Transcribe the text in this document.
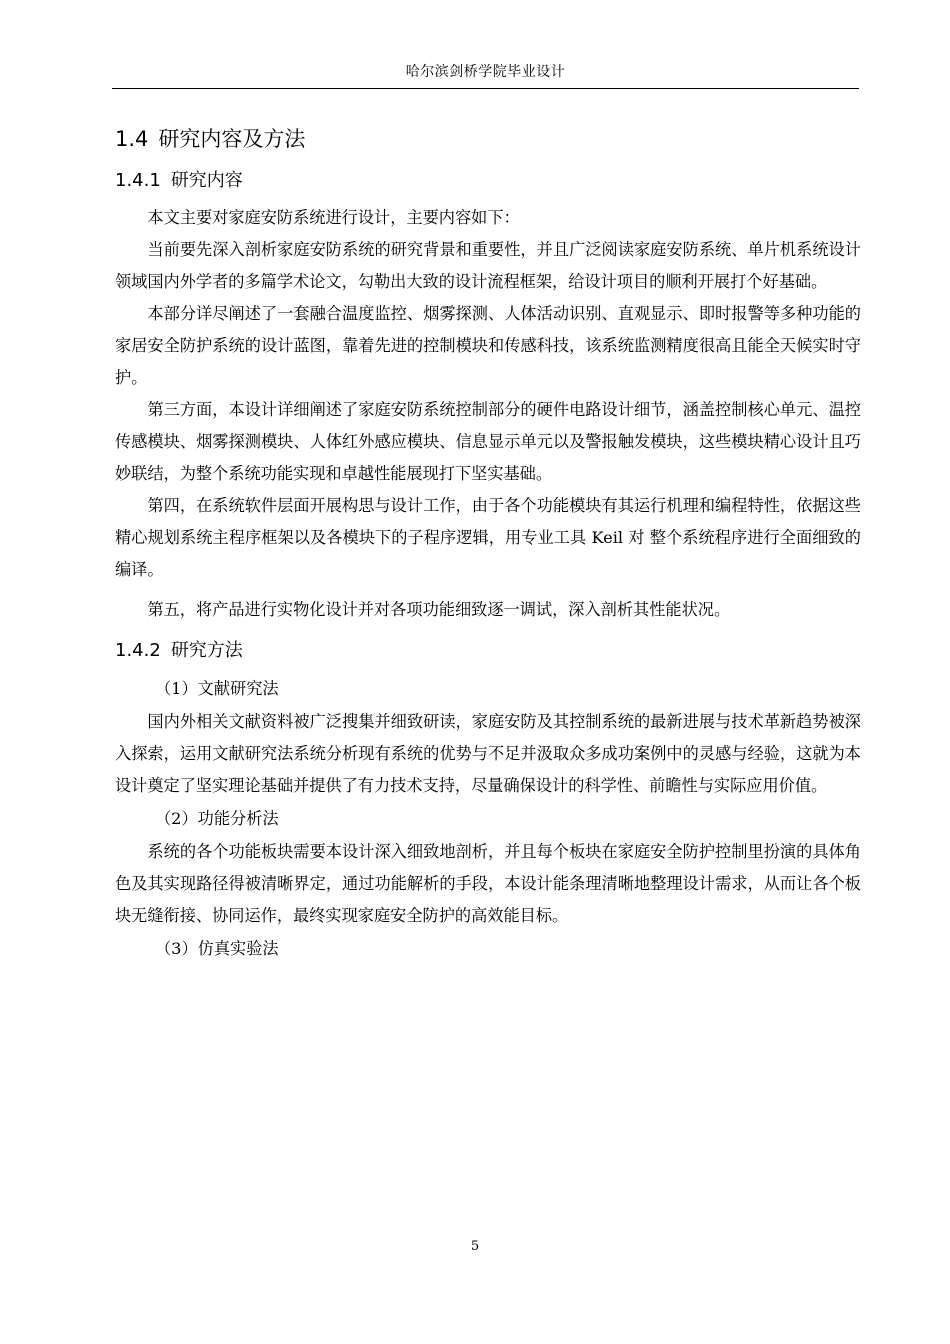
哈尔滨剑桥学院毕业设计
1.4 研究内容及方法
1.4.1 研究内容

本文主要对家庭安防系统进行设计，主要内容如下：

当前要先深入剖析家庭安防系统的研究背景和重要性，并且广泛阅读家庭安防系统、单片机系统设计领域国内外学者的多篇学术论文，勾勒出大致的设计流程框架，给设计项目的顺利开展打个好基础。

本部分详尽阐述了一套融合温度监控、烟雾探测、人体活动识别、直观显示、即时报警等多种功能的家居安全防护系统的设计蓝图，靠着先进的控制模块和传感科技，该系统监测精度很高且能全天候实时守护。

第三方面，本设计详细阐述了家庭安防系统控制部分的硬件电路设计细节，涵盖控制核心单元、温控传感模块、烟雾探测模块、人体红外感应模块、信息显示单元以及警报触发模块，这些模块精心设计且巧妙联结，为整个系统功能实现和卓越性能展现打下坚实基础。

第四，在系统软件层面开展构思与设计工作，由于各个功能模块有其运行机理和编程特性，依据这些精心规划系统主程序框架以及各模块下的子程序逻辑，用专业工具 Keil 对 整个系统程序进行全面细致的编译。

第五，将产品进行实物化设计并对各项功能细致逐一调试，深入剖析其性能状况。

1.4.2 研究方法

（1）文献研究法

国内外相关文献资料被广泛搜集并细致研读，家庭安防及其控制系统的最新进展与技术革新趋势被深入探索，运用文献研究法系统分析现有系统的优势与不足并汲取众多成功案例中的灵感与经验，这就为本设计奠定了坚实理论基础并提供了有力技术支持，尽量确保设计的科学性、前瞻性与实际应用价值。

（2）功能分析法

系统的各个功能板块需要本设计深入细致地剖析，并且每个板块在家庭安全防护控制里扮演的具体角色及其实现路径得被清晰界定，通过功能解析的手段，本设计能条理清晰地整理设计需求，从而让各个板块无缝衔接、协同运作，最终实现家庭安全防护的高效能目标。

（3）仿真实验法

5
